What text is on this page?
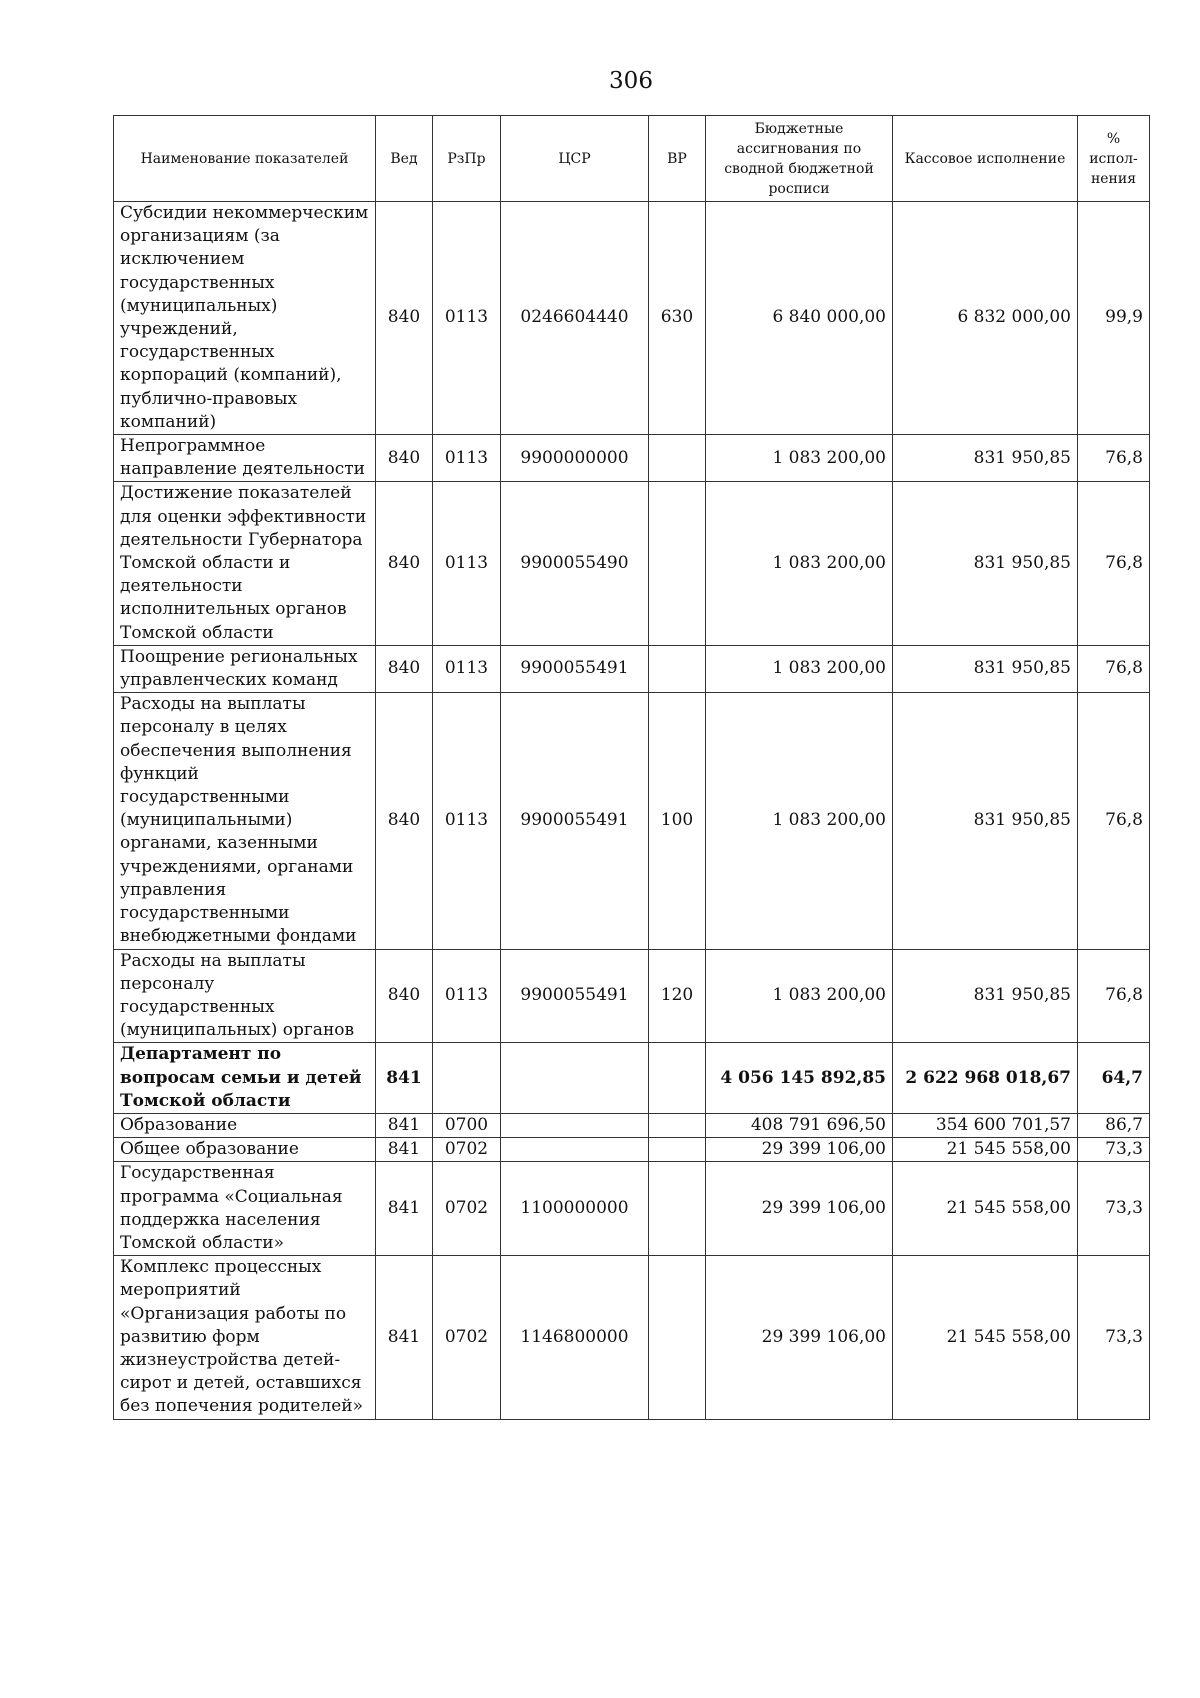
306
Наименование показателей	Вед	РзПр	ЦСР	ВР	Бюджетные ассигнования по сводной бюджетной росписи	Кассовое исполнение	% испол-нения
Субсидии некоммерческим организациям (за исключением государственных (муниципальных) учреждений, государственных корпораций (компаний), публично-правовых компаний)	840	0113	0246604440	630	6 840 000,00	6 832 000,00	99,9
Непрограммное направление деятельности	840	0113	9900000000		1 083 200,00	831 950,85	76,8
Достижение показателей для оценки эффективности деятельности Губернатора Томской области и деятельности исполнительных органов Томской области	840	0113	9900055490		1 083 200,00	831 950,85	76,8
Поощрение региональных управленческих команд	840	0113	9900055491		1 083 200,00	831 950,85	76,8
Расходы на выплаты персоналу в целях обеспечения выполнения функций государственными (муниципальными) органами, казенными учреждениями, органами управления государственными внебюджетными фондами	840	0113	9900055491	100	1 083 200,00	831 950,85	76,8
Расходы на выплаты персоналу государственных (муниципальных) органов	840	0113	9900055491	120	1 083 200,00	831 950,85	76,8
Департамент по вопросам семьи и детей Томской области	841				4 056 145 892,85	2 622 968 018,67	64,7
Образование	841	0700			408 791 696,50	354 600 701,57	86,7
Общее образование	841	0702			29 399 106,00	21 545 558,00	73,3
Государственная программа «Социальная поддержка населения Томской области»	841	0702	1100000000		29 399 106,00	21 545 558,00	73,3
Комплекс процессных мероприятий «Организация работы по развитию форм жизнеустройства детей-сирот и детей, оставшихся без попечения родителей»	841	0702	1146800000		29 399 106,00	21 545 558,00	73,3
